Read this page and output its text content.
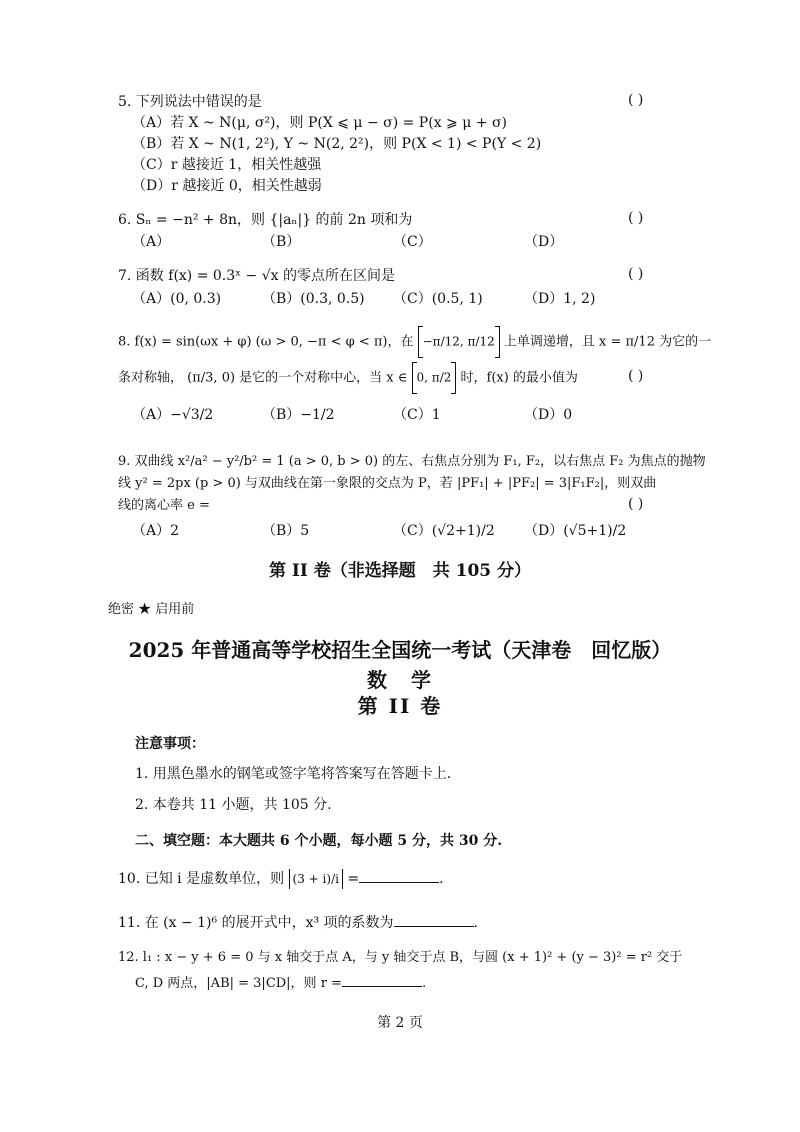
5. 下列说法中错误的是	( )
（A）若 X ~ N(μ, σ²)，则 P(X ⩽ μ − σ) = P(x ⩾ μ + σ)
（B）若 X ~ N(1, 2²), Y ~ N(2, 2²)，则 P(X < 1) < P(Y < 2)
（C）r 越接近 1，相关性越强
（D）r 越接近 0，相关性越弱
6. Sₙ = −n² + 8n，则 {|aₙ|} 的前 2n 项和为	( )
（A）	（B）	（C）	（D）
7. 函数 f(x) = 0.3ˣ − √x 的零点所在区间是	( )
（A）(0, 0.3)	（B）(0.3, 0.5) （C）(0.5, 1)	（D）1, 2)
8. f(x) = sin(ωx + φ) (ω > 0, −π < φ < π)，在 −π/12, π/12 上单调递增，且 x = π/12 为它的一
条对称轴， (π/3, 0) 是它的一个对称中心，当 x ∈ 0, π/2 时，f(x) 的最小值为	( )
（A）−√3/2	（B）−1/2	（C）1	（D）0
9. 双曲线 x²/a² − y²/b² = 1 (a > 0, b > 0) 的左、右焦点分别为 F₁, F₂，以右焦点 F₂ 为焦点的抛物
线 y² = 2px (p > 0) 与双曲线在第一象限的交点为 P，若 |PF₁| + |PF₂| = 3|F₁F₂|，则双曲
线的离心率 e =	( )
（A）2	（B）5	（C）(√2+1)/2 （D）(√5+1)/2
第 II 卷（非选择题　共 105 分）
绝密 ★ 启用前
2025 年普通高等学校招生全国统一考试（天津卷　回忆版）
数　学
第 II 卷
注意事项：
1. 用黑色墨水的钢笔或签字笔将答案写在答题卡上.
2. 本卷共 11 小题，共 105 分.
二、填空题：本大题共 6 个小题，每小题 5 分，共 30 分.
10. 已知 i 是虚数单位，则 (3 + i)/i =	.
11. 在 (x − 1)⁶ 的展开式中，x³ 项的系数为	.
12. l₁ : x − y + 6 = 0 与 x 轴交于点 A，与 y 轴交于点 B，与圆 (x + 1)² + (y − 3)² = r² 交于
C, D 两点，|AB| = 3|CD|，则 r =	.
第 2 页
